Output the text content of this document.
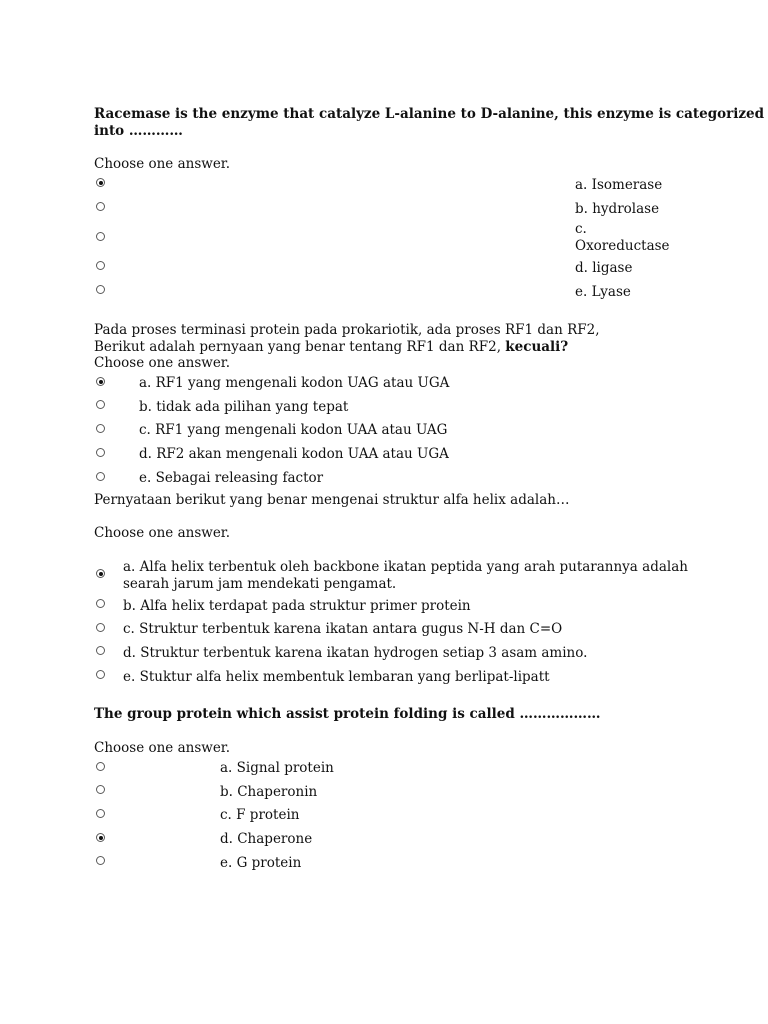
Racemase is the enzyme that catalyze L-alanine to D-alanine, this enzyme is categorized
into …………
Choose one answer.
a. Isomerase
b. hydrolase
c.
Oxoreductase
d. ligase
e. Lyase
Pada proses terminasi protein pada prokariotik, ada proses RF1 dan RF2,
Berikut adalah pernyaan yang benar tentang RF1 dan RF2, kecuali?
Choose one answer.
a. RF1 yang mengenali kodon UAG atau UGA
b. tidak ada pilihan yang tepat
c. RF1 yang mengenali kodon UAA atau UAG
d. RF2 akan mengenali kodon UAA atau UGA
e. Sebagai releasing factor
Pernyataan berikut yang benar mengenai struktur alfa helix adalah…
Choose one answer.
a. Alfa helix terbentuk oleh backbone ikatan peptida yang arah putarannya adalah
searah jarum jam mendekati pengamat.
b. Alfa helix terdapat pada struktur primer protein
c. Struktur terbentuk karena ikatan antara gugus N-H dan C=O
d. Struktur terbentuk karena ikatan hydrogen setiap 3 asam amino.
e. Stuktur alfa helix membentuk lembaran yang berlipat-lipatt
The group protein which assist protein folding is called ………………
Choose one answer.
a. Signal protein
b. Chaperonin
c. F protein
d. Chaperone
e. G protein
